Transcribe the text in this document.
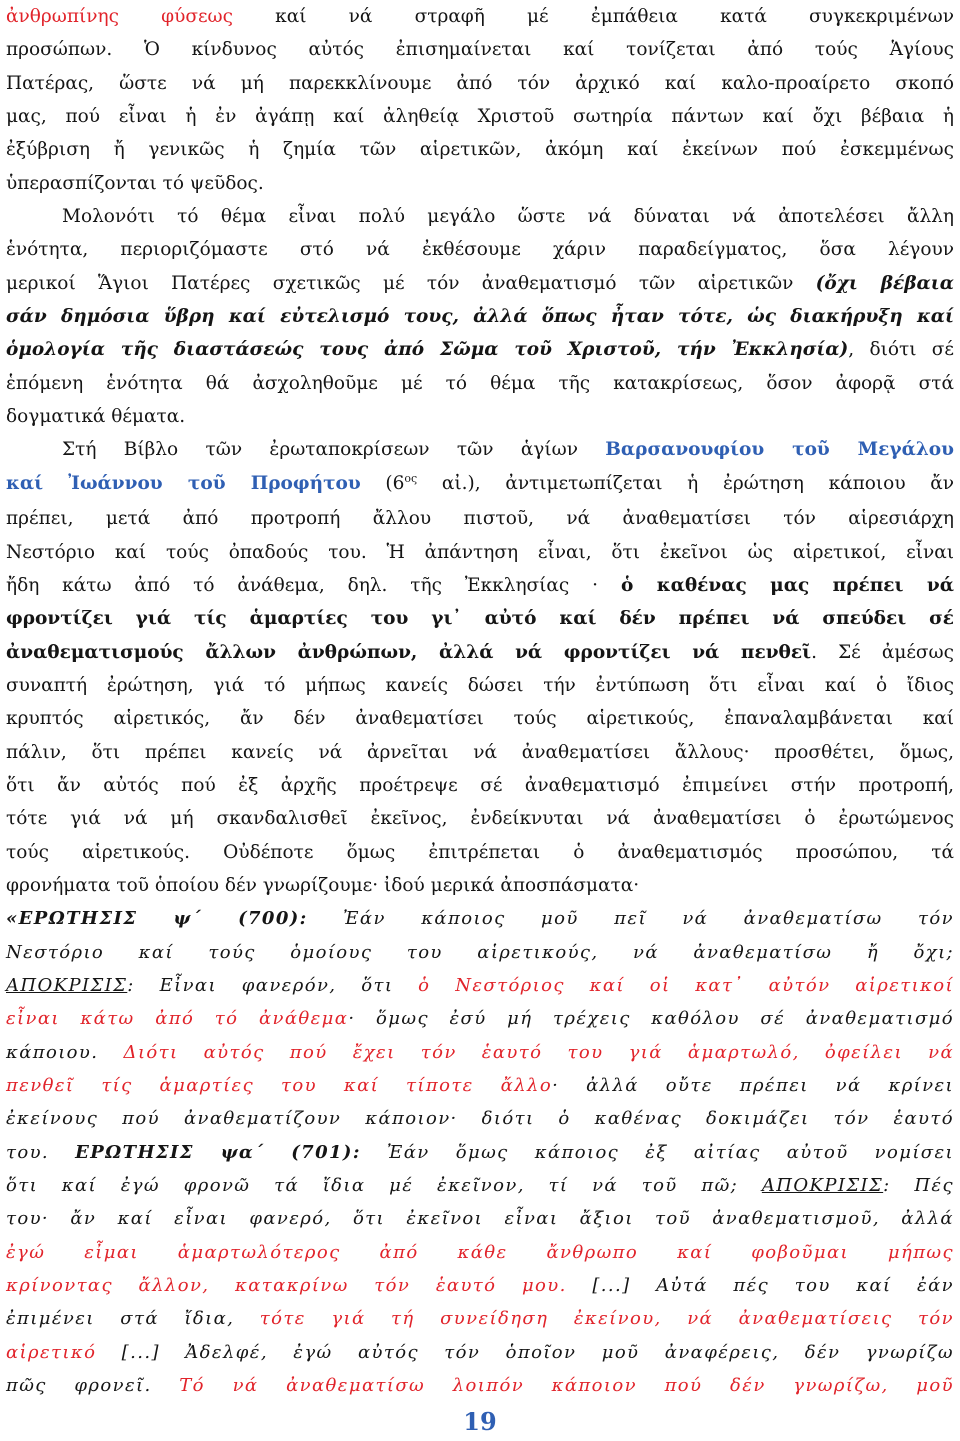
ἀνθρωπίνης φύσεως καί νά στραφῆ μέ ἐμπάθεια κατά συγκεκριμένων
προσώπων. Ὁ κίνδυνος αὐτός ἐπισημαίνεται καί τονίζεται ἀπό τούς Ἁγίους
Πατέρας, ὥστε νά μή παρεκκλίνουμε ἀπό τόν ἀρχικό καί καλο-προαίρετο σκοπό
μας, πού εἶναι ἡ ἐν ἀγάπῃ καί ἀληθείᾳ Χριστοῦ σωτηρία πάντων καί ὄχι βέβαια ἡ
ἐξύβριση ἤ γενικῶς ἡ ζημία τῶν αἱρετικῶν, ἀκόμη καί ἐκείνων πού ἐσκεμμένως
ὑπερασπίζονται τό ψεῦδος.
Μολονότι τό θέμα εἶναι πολύ μεγάλο ὥστε νά δύναται νά ἀποτελέσει ἄλλη
ἑνότητα, περιοριζόμαστε στό νά ἐκθέσουμε χάριν παραδείγματος, ὅσα λέγουν
μερικοί Ἅγιοι Πατέρες σχετικῶς μέ τόν ἀναθεματισμό τῶν αἱρετικῶν (ὄχι βέβαια
σάν δημόσια ὕβρη καί εὐτελισμό τους, ἀλλά ὅπως ἦταν τότε, ὡς διακήρυξη καί
ὁμολογία τῆς διαστάσεώς τους ἀπό Σῶμα τοῦ Χριστοῦ, τήν Ἐκκλησία), διότι σέ
ἑπόμενη ἑνότητα θά ἀσχοληθοῦμε μέ τό θέμα τῆς κατακρίσεως, ὅσον ἀφορᾷ στά
δογματικά θέματα.
Στή Βίβλο τῶν ἐρωταποκρίσεων τῶν ἁγίων Βαρσανουφίου τοῦ Μεγάλου
καί Ἰωάννου τοῦ Προφήτου ($6^{o\varsigma}$ αἰ.), ἀντιμετωπίζεται ἡ ἐρώτηση κάποιου ἄν
πρέπει, μετά ἀπό προτροπή ἄλλου πιστοῦ, νά ἀναθεματίσει τόν αἱρεσιάρχη
Νεστόριο καί τούς ὀπαδούς του. Ἡ ἀπάντηση εἶναι, ὅτι ἐκεῖνοι ὡς αἱρετικοί, εἶναι
ἤδη κάτω ἀπό τό ἀνάθεμα, δηλ. τῆς Ἐκκλησίας · ὁ καθένας μας πρέπει νά
φροντίζει γιά τίς ἁμαρτίες του γι᾽ αὐτό καί δέν πρέπει νά σπεύδει σέ
ἀναθεματισμούς ἄλλων ἀνθρώπων, ἀλλά νά φροντίζει νά πενθεῖ. Σέ ἀμέσως
συναπτή ἐρώτηση, γιά τό μήπως κανείς δώσει τήν ἐντύπωση ὅτι εἶναι καί ὁ ἴδιος
κρυπτός αἱρετικός, ἄν δέν ἀναθεματίσει τούς αἱρετικούς, ἐπαναλαμβάνεται καί
πάλιν, ὅτι πρέπει κανείς νά ἀρνεῖται νά ἀναθεματίσει ἄλλους· προσθέτει, ὅμως,
ὅτι ἄν αὐτός πού ἐξ ἀρχῆς προέτρεψε σέ ἀναθεματισμό ἐπιμείνει στήν προτροπή,
τότε γιά νά μή σκανδαλισθεῖ ἐκεῖνος, ἐνδείκνυται νά ἀναθεματίσει ὁ ἐρωτώμενος
τούς αἱρετικούς. Οὐδέποτε ὅμως ἐπιτρέπεται ὁ ἀναθεματισμός προσώπου, τά
φρονήματα τοῦ ὁποίου δέν γνωρίζουμε· ἰδού μερικά ἀποσπάσματα·
«ΕΡΩΤΗΣΙΣ ψ΄ (700): Ἐάν κάποιος μοῦ πεῖ νά ἀναθεματίσω τόν
Νεστόριο καί τούς ὁμοίους του αἱρετικούς, νά ἀναθεματίσω ἤ ὄχι;
ΑΠΟΚΡΙΣΙΣ: Εἶναι φανερόν, ὅτι ὁ Νεστόριος καί οἱ κατ᾽ αὐτόν αἱρετικοί
εἶναι κάτω ἀπό τό ἀνάθεμα· ὅμως ἐσύ μή τρέχεις καθόλου σέ ἀναθεματισμό
κάποιου. Διότι αὐτός πού ἔχει τόν ἑαυτό του γιά ἁμαρτωλό, ὀφείλει νά
πενθεῖ τίς ἁμαρτίες του καί τίποτε ἄλλο· ἀλλά οὔτε πρέπει νά κρίνει
ἐκείνους πού ἀναθεματίζουν κάποιον· διότι ὁ καθένας δοκιμάζει τόν ἑαυτό
του. ΕΡΩΤΗΣΙΣ ψα΄ (701): Ἐάν ὅμως κάποιος ἐξ αἰτίας αὐτοῦ νομίσει
ὅτι καί ἐγώ φρονῶ τά ἴδια μέ ἐκεῖνον, τί νά τοῦ πῶ; ΑΠΟΚΡΙΣΙΣ: Πές
του· ἄν καί εἶναι φανερό, ὅτι ἐκεῖνοι εἶναι ἄξιοι τοῦ ἀναθεματισμοῦ, ἀλλά
ἐγώ εἶμαι ἁμαρτωλότερος ἀπό κάθε ἄνθρωπο καί φοβοῦμαι μήπως
κρίνοντας ἄλλον, κατακρίνω τόν ἑαυτό μου. [...] Αὐτά πές του καί ἐάν
ἐπιμένει στά ἴδια, τότε γιά τή συνείδηση ἐκείνου, νά ἀναθεματίσεις τόν
αἱρετικό [...] Ἀδελφέ, ἐγώ αὐτός τόν ὁποῖον μοῦ ἀναφέρεις, δέν γνωρίζω
πῶς φρονεῖ. Τό νά ἀναθεματίσω λοιπόν κάποιον πού δέν γνωρίζω, μοῦ
19
